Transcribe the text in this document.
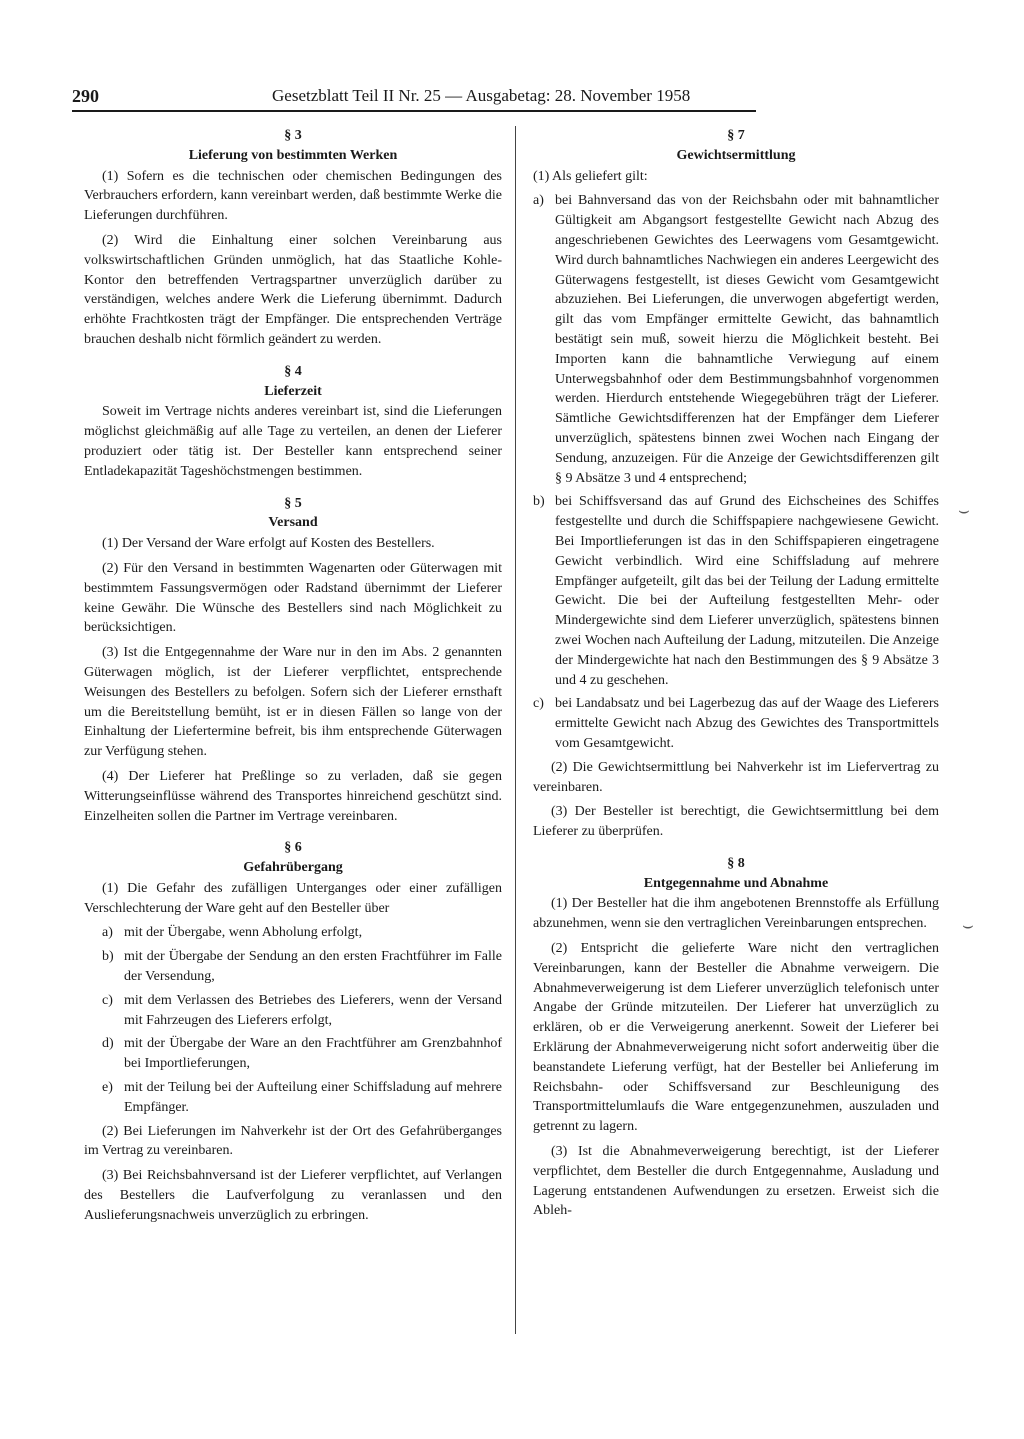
290	Gesetzblatt Teil II Nr. 25 — Ausgabetag: 28. November 1958
§ 3
Lieferung von bestimmten Werken

(1) Sofern es die technischen oder chemischen Bedingungen des Verbrauchers erfordern, kann vereinbart werden, daß bestimmte Werke die Lieferungen durchführen.

(2) Wird die Einhaltung einer solchen Vereinbarung aus volkswirtschaftlichen Gründen unmöglich, hat das Staatliche Kohle-Kontor den betreffenden Vertragspartner unverzüglich darüber zu verständigen, welches andere Werk die Lieferung übernimmt. Dadurch erhöhte Frachtkosten trägt der Empfänger. Die entsprechenden Verträge brauchen deshalb nicht förmlich geändert zu werden.

§ 4
Lieferzeit

Soweit im Vertrage nichts anderes vereinbart ist, sind die Lieferungen möglichst gleichmäßig auf alle Tage zu verteilen, an denen der Lieferer produziert oder tätig ist. Der Besteller kann entsprechend seiner Entladekapazität Tageshöchstmengen bestimmen.

§ 5
Versand

(1) Der Versand der Ware erfolgt auf Kosten des Bestellers.

(2) Für den Versand in bestimmten Wagenarten oder Güterwagen mit bestimmtem Fassungsvermögen oder Radstand übernimmt der Lieferer keine Gewähr. Die Wünsche des Bestellers sind nach Möglichkeit zu berücksichtigen.

(3) Ist die Entgegennahme der Ware nur in den im Abs. 2 genannten Güterwagen möglich, ist der Lieferer verpflichtet, entsprechende Weisungen des Bestellers zu befolgen. Sofern sich der Lieferer ernsthaft um die Bereitstellung bemüht, ist er in diesen Fällen so lange von der Einhaltung der Liefertermine befreit, bis ihm entsprechende Güterwagen zur Verfügung stehen.

(4) Der Lieferer hat Preßlinge so zu verladen, daß sie gegen Witterungseinflüsse während des Transportes hinreichend geschützt sind. Einzelheiten sollen die Partner im Vertrage vereinbaren.

§ 6
Gefahrübergang

(1) Die Gefahr des zufälligen Unterganges oder einer zufälligen Verschlechterung der Ware geht auf den Besteller über

a) mit der Übergabe, wenn Abholung erfolgt,
b) mit der Übergabe der Sendung an den ersten Frachtführer im Falle der Versendung,
c) mit dem Verlassen des Betriebes des Lieferers, wenn der Versand mit Fahrzeugen des Lieferers erfolgt,
d) mit der Übergabe der Ware an den Frachtführer am Grenzbahnhof bei Importlieferungen,
e) mit der Teilung bei der Aufteilung einer Schiffsladung auf mehrere Empfänger.

(2) Bei Lieferungen im Nahverkehr ist der Ort des Gefahrüberganges im Vertrag zu vereinbaren.

(3) Bei Reichsbahnversand ist der Lieferer verpflichtet, auf Verlangen des Bestellers die Laufverfolgung zu veranlassen und den Auslieferungsnachweis unverzüglich zu erbringen.

§ 7
Gewichtsermittlung

(1) Als geliefert gilt:

a) bei Bahnversand das von der Reichsbahn oder mit bahnamtlicher Gültigkeit am Abgangsort festgestellte Gewicht nach Abzug des angeschriebenen Gewichtes des Leerwagens vom Gesamtgewicht. Wird durch bahnamtliches Nachwiegen ein anderes Leergewicht des Güterwagens festgestellt, ist dieses Gewicht vom Gesamtgewicht abzuziehen. Bei Lieferungen, die unverwogen abgefertigt werden, gilt das vom Empfänger ermittelte Gewicht, das bahnamtlich bestätigt sein muß, soweit hierzu die Möglichkeit besteht. Bei Importen kann die bahnamtliche Verwiegung auf einem Unterwegsbahnhof oder dem Bestimmungsbahnhof vorgenommen werden. Hierdurch entstehende Wiegegebühren trägt der Lieferer. Sämtliche Gewichtsdifferenzen hat der Empfänger dem Lieferer unverzüglich, spätestens binnen zwei Wochen nach Eingang der Sendung, anzuzeigen. Für die Anzeige der Gewichtsdifferenzen gilt § 9 Absätze 3 und 4 entsprechend;
b) bei Schiffsversand das auf Grund des Eichscheines des Schiffes festgestellte und durch die Schiffspapiere nachgewiesene Gewicht. Bei Importlieferungen ist das in den Schiffspapieren eingetragene Gewicht verbindlich. Wird eine Schiffsladung auf mehrere Empfänger aufgeteilt, gilt das bei der Teilung der Ladung ermittelte Gewicht. Die bei der Aufteilung festgestellten Mehr- oder Mindergewichte sind dem Lieferer unverzüglich, spätestens binnen zwei Wochen nach Aufteilung der Ladung, mitzuteilen. Die Anzeige der Mindergewichte hat nach den Bestimmungen des § 9 Absätze 3 und 4 zu geschehen.
c) bei Landabsatz und bei Lagerbezug das auf der Waage des Lieferers ermittelte Gewicht nach Abzug des Gewichtes des Transportmittels vom Gesamtgewicht.

(2) Die Gewichtsermittlung bei Nahverkehr ist im Liefervertrag zu vereinbaren.

(3) Der Besteller ist berechtigt, die Gewichtsermittlung bei dem Lieferer zu überprüfen.

§ 8
Entgegennahme und Abnahme

(1) Der Besteller hat die ihm angebotenen Brennstoffe als Erfüllung abzunehmen, wenn sie den vertraglichen Vereinbarungen entsprechen.

(2) Entspricht die gelieferte Ware nicht den vertraglichen Vereinbarungen, kann der Besteller die Abnahme verweigern. Die Abnahmeverweigerung ist dem Lieferer unverzüglich telefonisch unter Angabe der Gründe mitzuteilen. Der Lieferer hat unverzüglich zu erklären, ob er die Verweigerung anerkennt. Soweit der Lieferer bei Erklärung der Abnahmeverweigerung nicht sofort anderweitig über die beanstandete Lieferung verfügt, hat der Besteller bei Anlieferung im Reichsbahn- oder Schiffsversand zur Beschleunigung des Transportmittelumlaufs die Ware entgegenzunehmen, auszuladen und getrennt zu lagern.

(3) Ist die Abnahmeverweigerung berechtigt, ist der Lieferer verpflichtet, dem Besteller die durch Entgegennahme, Ausladung und Lagerung entstandenen Aufwendungen zu ersetzen. Erweist sich die Ableh-

⌣
⌣
